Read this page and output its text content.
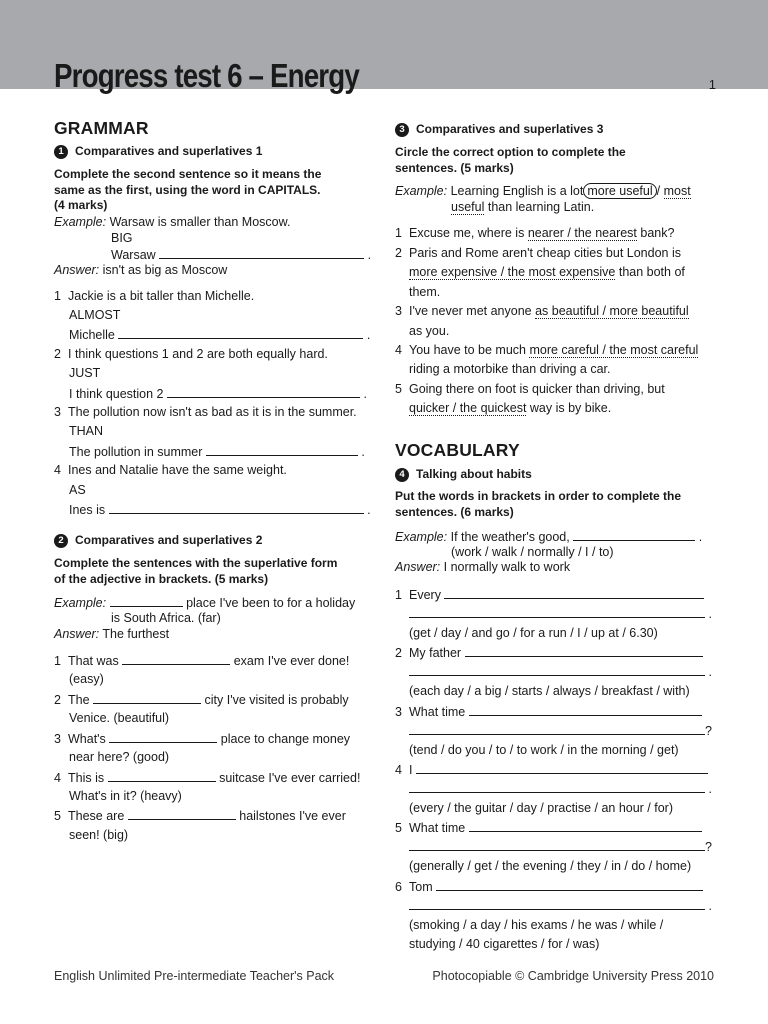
Progress test 6 – Energy	1
GRAMMAR
1 Comparatives and superlatives 1
Complete the second sentence so it means the
same as the first, using the word in CAPITALS.
(4 marks)
Example: Warsaw is smaller than Moscow.
BIG
Warsaw	.
Answer: isn't as big as Moscow
1 Jackie is a bit taller than Michelle.
ALMOST
Michelle	.
2 I think questions 1 and 2 are both equally hard.
JUST
I think question 2	.
3 The pollution now isn't as bad as it is in the summer.
THAN
The pollution in summer	.
4 Ines and Natalie have the same weight.
AS
Ines is	.
2 Comparatives and superlatives 2
Complete the sentences with the superlative form
of the adjective in brackets. (5 marks)
Example:	place I've been to for a holiday
is South Africa. (far)
Answer: The furthest
1 That was	exam I've ever done!
(easy)
2 The	city I've visited is probably
Venice. (beautiful)
3 What's	place to change money
near here? (good)
4 This is	suitcase I've ever carried!
What's in it? (heavy)
5 These are	hailstones I've ever
seen! (big)
3 Comparatives and superlatives 3
Circle the correct option to complete the
sentences. (5 marks)
Example: Learning English is a lot more useful / most
useful than learning Latin.
1 Excuse me, where is nearer / the nearest bank?
2 Paris and Rome aren't cheap cities but London is
more expensive / the most expensive than both of
them.
3 I've never met anyone as beautiful / more beautiful
as you.
4 You have to be much more careful / the most careful
riding a motorbike than driving a car.
5 Going there on foot is quicker than driving, but
quicker / the quickest way is by bike.
VOCABULARY
4 Talking about habits
Put the words in brackets in order to complete the
sentences. (6 marks)
Example: If the weather's good,	.
(work / walk / normally / I / to)
Answer: I normally walk to work
1 Every
.
(get / day / and go / for a run / I / up at / 6.30)
2 My father
.
(each day / a big / starts / always / breakfast / with)
3 What time
?
(tend / do you / to / to work / in the morning / get)
4 I
.
(every / the guitar / day / practise / an hour / for)
5 What time
?
(generally / get / the evening / they / in / do / home)
6 Tom
.
(smoking / a day / his exams / he was / while /
studying / 40 cigarettes / for / was)
English Unlimited Pre-intermediate Teacher's Pack	Photocopiable © Cambridge University Press 2010
